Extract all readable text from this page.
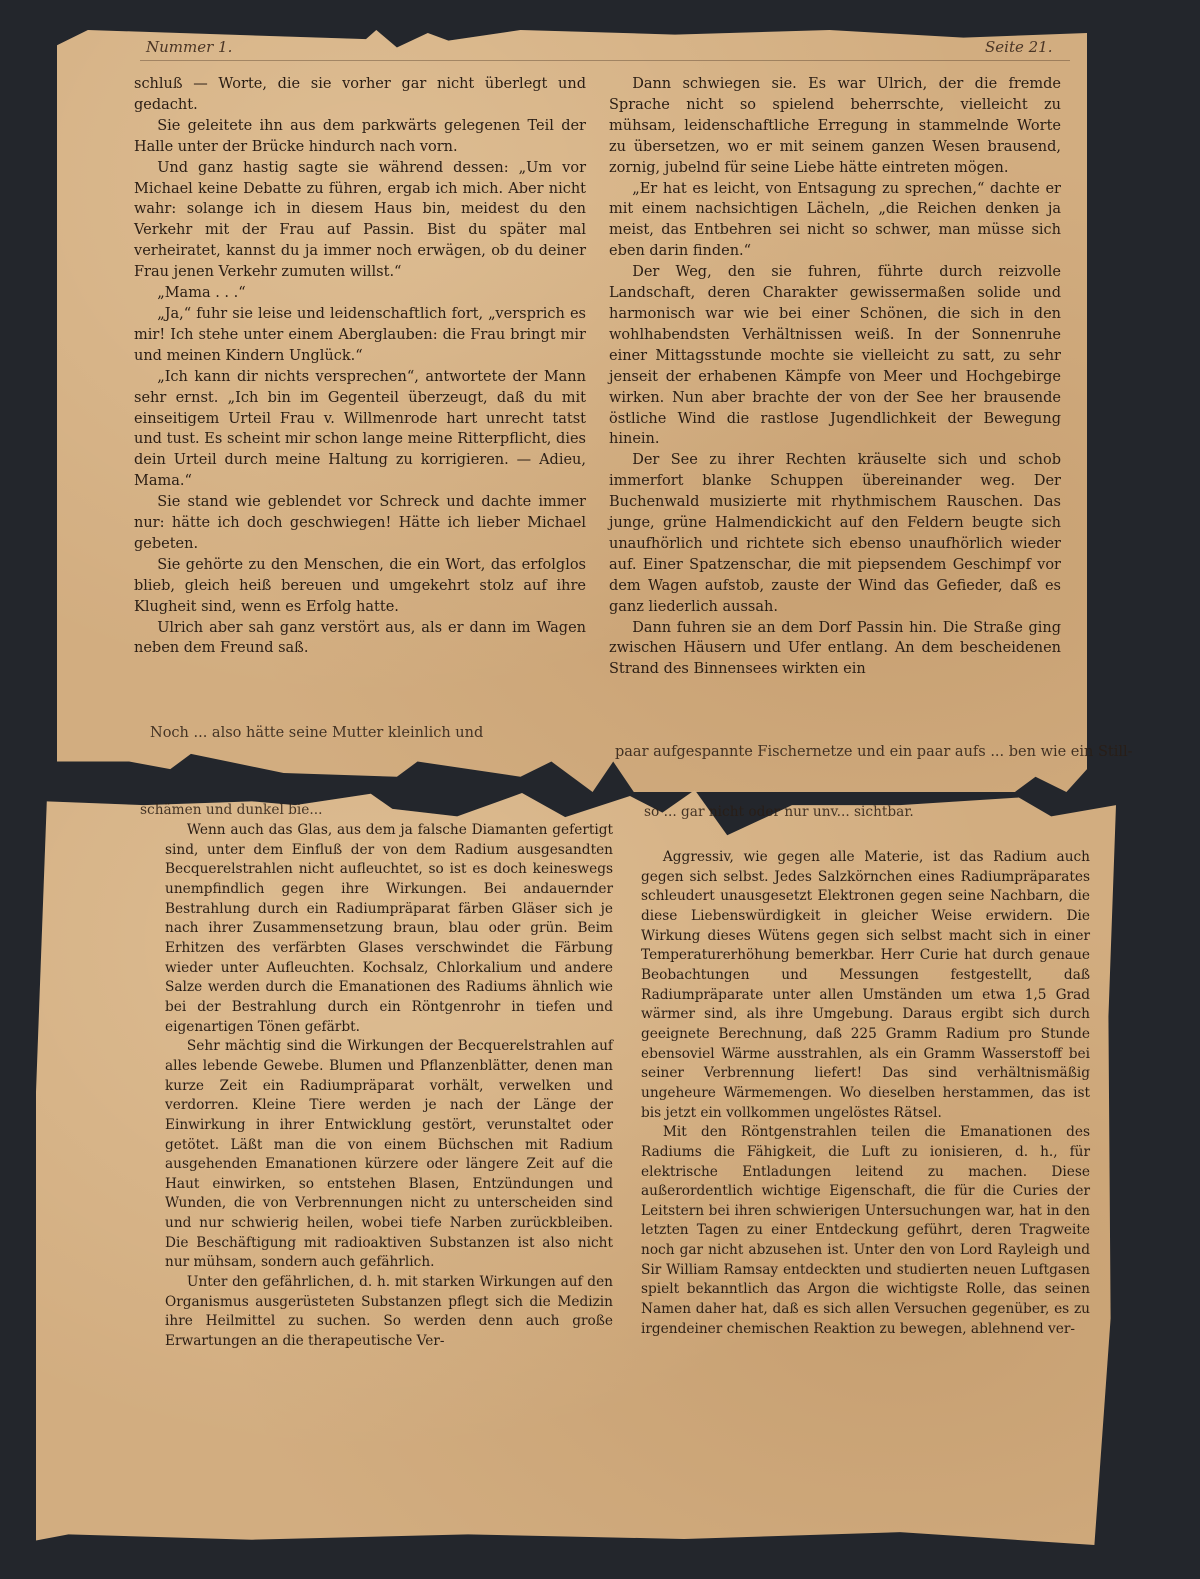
Nummer 1.	Seite 21.

schluß — Worte, die sie vorher gar nicht überlegt und gedacht.

Sie geleitete ihn aus dem parkwärts gelegenen Teil der Halle unter der Brücke hindurch nach vorn.

Und ganz hastig sagte sie während dessen: „Um vor Michael keine Debatte zu führen, ergab ich mich. Aber nicht wahr: solange ich in diesem Haus bin, meidest du den Verkehr mit der Frau auf Passin. Bist du später mal verheiratet, kannst du ja immer noch erwägen, ob du deiner Frau jenen Verkehr zumuten willst.“

„Mama . . .“

„Ja,“ fuhr sie leise und leidenschaftlich fort, „versprich es mir! Ich stehe unter einem Aberglauben: die Frau bringt mir und meinen Kindern Unglück.“

„Ich kann dir nichts versprechen“, antwortete der Mann sehr ernst. „Ich bin im Gegenteil überzeugt, daß du mit einseitigem Urteil Frau v. Willmenrode hart unrecht tatst und tust. Es scheint mir schon lange meine Ritterpflicht, dies dein Urteil durch meine Haltung zu korrigieren. — Adieu, Mama.“

Sie stand wie geblendet vor Schreck und dachte immer nur: hätte ich doch geschwiegen! Hätte ich lieber Michael gebeten.

Sie gehörte zu den Menschen, die ein Wort, das erfolglos blieb, gleich heiß bereuen und umgekehrt stolz auf ihre Klugheit sind, wenn es Erfolg hatte.

Ulrich aber sah ganz verstört aus, als er dann im Wagen neben dem Freund saß.

Noch ... also hätte seine Mutter kleinlich und

Dann schwiegen sie. Es war Ulrich, der die fremde Sprache nicht so spielend beherrschte, vielleicht zu mühsam, leidenschaftliche Erregung in stammelnde Worte zu übersetzen, wo er mit seinem ganzen Wesen brausend, zornig, jubelnd für seine Liebe hätte eintreten mögen.

„Er hat es leicht, von Entsagung zu sprechen,“ dachte er mit einem nachsichtigen Lächeln, „die Reichen denken ja meist, das Entbehren sei nicht so schwer, man müsse sich eben darin finden.“

Der Weg, den sie fuhren, führte durch reizvolle Landschaft, deren Charakter gewissermaßen solide und harmonisch war wie bei einer Schönen, die sich in den wohlhabendsten Verhältnissen weiß. In der Sonnenruhe einer Mittagsstunde mochte sie vielleicht zu satt, zu sehr jenseit der erhabenen Kämpfe von Meer und Hochgebirge wirken. Nun aber brachte der von der See her brausende östliche Wind die rastlose Jugendlichkeit der Bewegung hinein.

Der See zu ihrer Rechten kräuselte sich und schob immerfort blanke Schuppen übereinander weg. Der Buchenwald musizierte mit rhythmischem Rauschen. Das junge, grüne Halmendickicht auf den Feldern beugte sich unaufhörlich und richtete sich ebenso unaufhörlich wieder auf. Einer Spatzenschar, die mit piepsendem Geschimpf vor dem Wagen aufstob, zauste der Wind das Gefieder, daß es ganz liederlich aussah.

Dann fuhren sie an dem Dorf Passin hin. Die Straße ging zwischen Häusern und Ufer entlang. An dem bescheidenen Strand des Binnensees wirkten ein

paar aufgespannte Fischernetze und ein paar aufs ... ben wie ein Still-
schämen und dunkel bie...

Wenn auch das Glas, aus dem ja falsche Diamanten gefertigt sind, unter dem Einfluß der von dem Radium ausgesandten Becquerelstrahlen nicht aufleuchtet, so ist es doch keineswegs unempfindlich gegen ihre Wirkungen. Bei andauernder Bestrahlung durch ein Radiumpräparat färben Gläser sich je nach ihrer Zusammensetzung braun, blau oder grün. Beim Erhitzen des verfärbten Glases verschwindet die Färbung wieder unter Aufleuchten. Kochsalz, Chlorkalium und andere Salze werden durch die Emanationen des Radiums ähnlich wie bei der Bestrahlung durch ein Röntgenrohr in tiefen und eigenartigen Tönen gefärbt.

Sehr mächtig sind die Wirkungen der Becquerelstrahlen auf alles lebende Gewebe. Blumen und Pflanzenblätter, denen man kurze Zeit ein Radiumpräparat vorhält, verwelken und verdorren. Kleine Tiere werden je nach der Länge der Einwirkung in ihrer Entwicklung gestört, verunstaltet oder getötet. Läßt man die von einem Büchschen mit Radium ausgehenden Emanationen kürzere oder längere Zeit auf die Haut einwirken, so entstehen Blasen, Entzündungen und Wunden, die von Verbrennungen nicht zu unterscheiden sind und nur schwierig heilen, wobei tiefe Narben zurückbleiben. Die Beschäftigung mit radioaktiven Substanzen ist also nicht nur mühsam, sondern auch gefährlich.

Unter den gefährlichen, d. h. mit starken Wirkungen auf den Organismus ausgerüsteten Substanzen pflegt sich die Medizin ihre Heilmittel zu suchen. So werden denn auch große Erwartungen an die therapeutische Ver-

so ... gar nicht oder nur unv... sichtbar.

Aggressiv, wie gegen alle Materie, ist das Radium auch gegen sich selbst. Jedes Salzkörnchen eines Radiumpräparates schleudert unausgesetzt Elektronen gegen seine Nachbarn, die diese Liebenswürdigkeit in gleicher Weise erwidern. Die Wirkung dieses Wütens gegen sich selbst macht sich in einer Temperaturerhöhung bemerkbar. Herr Curie hat durch genaue Beobachtungen und Messungen festgestellt, daß Radiumpräparate unter allen Umständen um etwa 1,5 Grad wärmer sind, als ihre Umgebung. Daraus ergibt sich durch geeignete Berechnung, daß 225 Gramm Radium pro Stunde ebensoviel Wärme ausstrahlen, als ein Gramm Wasserstoff bei seiner Verbrennung liefert! Das sind verhältnismäßig ungeheure Wärmemengen. Wo dieselben herstammen, das ist bis jetzt ein vollkommen ungelöstes Rätsel.

Mit den Röntgenstrahlen teilen die Emanationen des Radiums die Fähigkeit, die Luft zu ionisieren, d. h., für elektrische Entladungen leitend zu machen. Diese außerordentlich wichtige Eigenschaft, die für die Curies der Leitstern bei ihren schwierigen Untersuchungen war, hat in den letzten Tagen zu einer Entdeckung geführt, deren Tragweite noch gar nicht abzusehen ist. Unter den von Lord Rayleigh und Sir William Ramsay entdeckten und studierten neuen Luftgasen spielt bekanntlich das Argon die wichtigste Rolle, das seinen Namen daher hat, daß es sich allen Versuchen gegenüber, es zu irgendeiner chemischen Reaktion zu bewegen, ablehnend ver-
